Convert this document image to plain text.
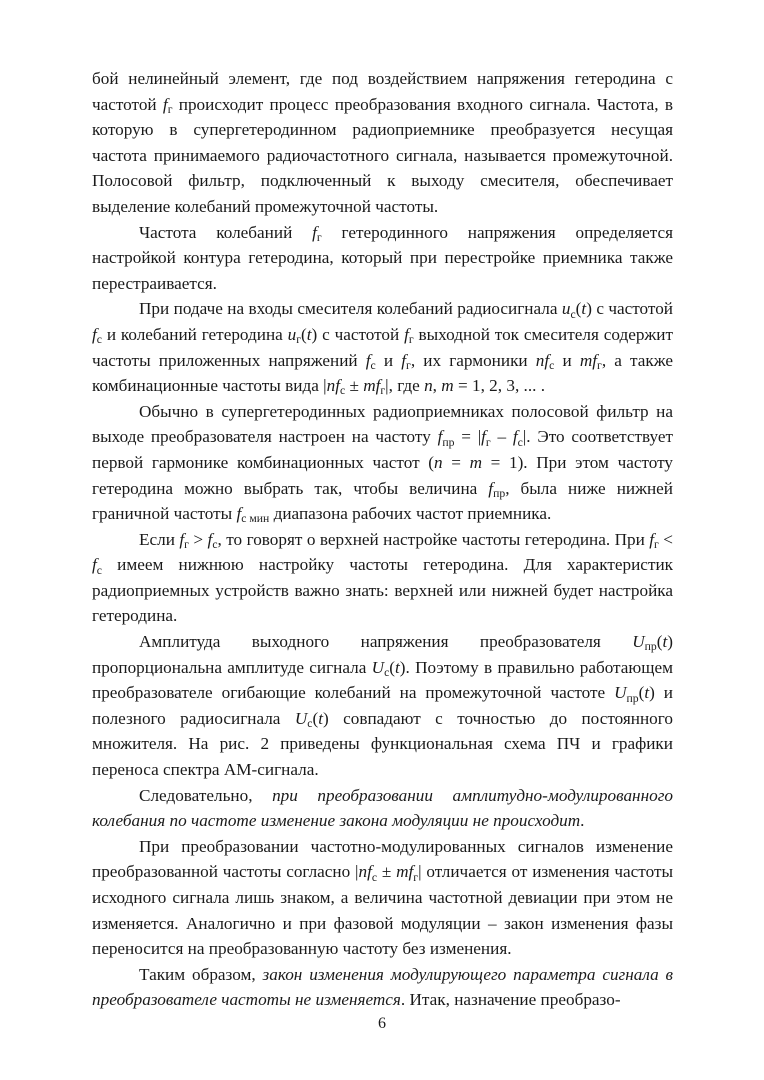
бой нелинейный элемент, где под воздействием напряжения гетеродина с частотой $f_г$ происходит процесс преобразования входного сигнала. Частота, в которую в супергетеродинном радиоприемнике преобразуется несущая частота принимаемого радиочастотного сигнала, называется промежуточной. Полосовой фильтр, подключенный к выходу смесителя, обеспечивает выделение колебаний промежуточной частоты.

Частота колебаний $f_г$ гетеродинного напряжения определяется настройкой контура гетеродина, который при перестройке приемника также перестраивается.

При подаче на входы смесителя колебаний радиосигнала $u_c(t)$ с частотой $f_c$ и колебаний гетеродина $u_г(t)$ с частотой $f_г$ выходной ток смесителя содержит частоты приложенных напряжений $f_c$ и $f_г$, их гармоники $nf_c$ и $mf_г$, а также комбинационные частоты вида $|nf_c \pm mf_г|$, где n, m = 1, 2, 3, ... .

Обычно в супергетеродинных радиоприемниках полосовой фильтр на выходе преобразователя настроен на частоту $f_{пр} = |f_г - f_c|$. Это соответствует первой гармонике комбинационных частот (n = m = 1). При этом частоту гетеродина можно выбрать так, чтобы величина $f_{пр}$, была ниже нижней граничной частоты $f_{c мин}$ диапазона рабочих частот приемника.

Если $f_г > f_c$, то говорят о верхней настройке частоты гетеродина. При $f_г < f_c$ имеем нижнюю настройку частоты гетеродина. Для характеристик радиоприемных устройств важно знать: верхней или нижней будет настройка гетеродина.

Амплитуда выходного напряжения преобразователя $U_{пр}(t)$ пропорциональна амплитуде сигнала $U_c(t)$. Поэтому в правильно работающем преобразователе огибающие колебаний на промежуточной частоте $U_{пр}(t)$ и полезного радиосигнала $U_c(t)$ совпадают с точностью до постоянного множителя. На рис. 2 приведены функциональная схема ПЧ и графики переноса спектра АМ-сигнала.

Следовательно, при преобразовании амплитудно-модулированного колебания по частоте изменение закона модуляции не происходит.

При преобразовании частотно-модулированных сигналов изменение преобразованной частоты согласно $|nf_c \pm mf_г|$ отличается от изменения частоты исходного сигнала лишь знаком, а величина частотной девиации при этом не изменяется. Аналогично и при фазовой модуляции – закон изменения фазы переносится на преобразованную частоту без изменения.

Таким образом, закон изменения модулирующего параметра сигнала в преобразователе частоты не изменяется. Итак, назначение преобразо-

6
